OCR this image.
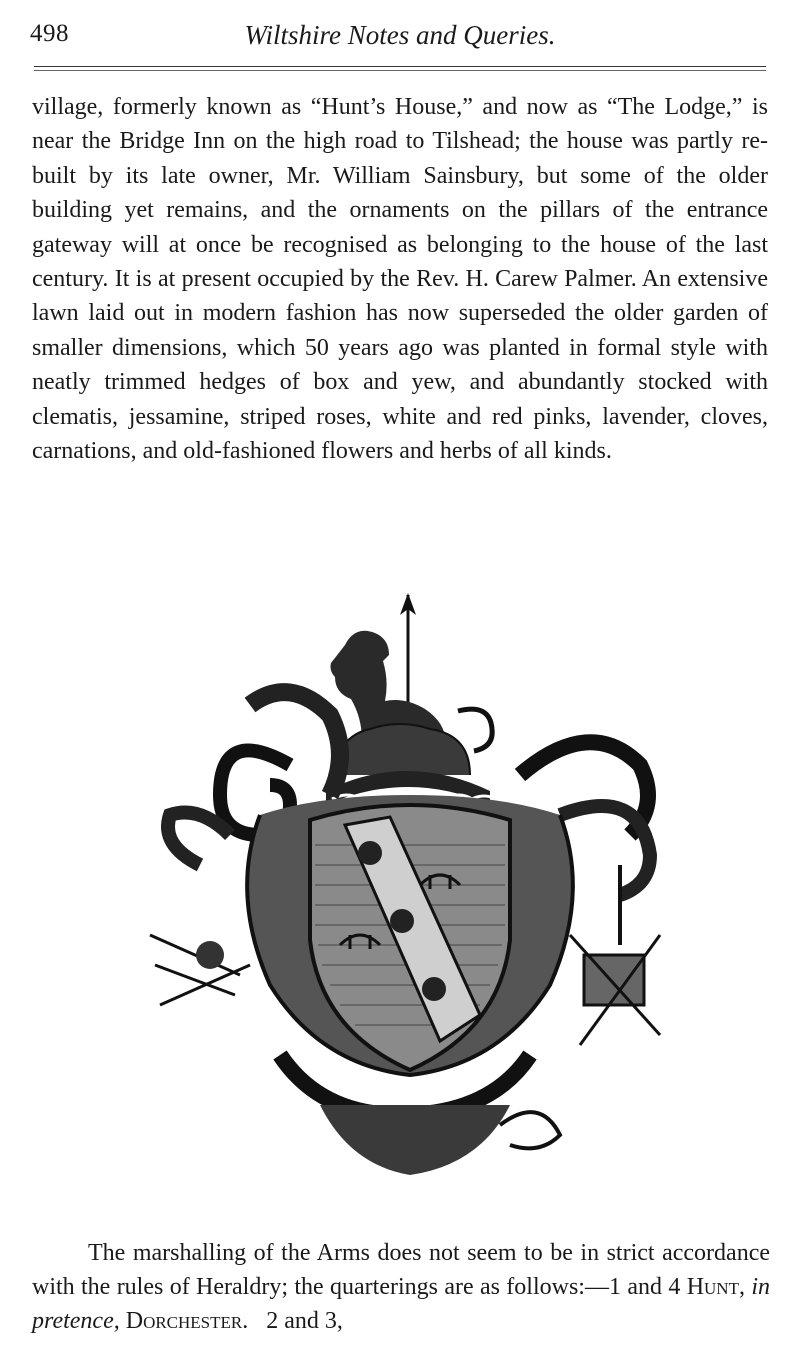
498	Wiltshire Notes and Queries.

village, formerly known as “Hunt’s House,” and now as “The Lodge,” is near the Bridge Inn on the high road to Tilshead; the house was partly re-built by its late owner, Mr. William Sainsbury, but some of the older building yet remains, and the ornaments on the pillars of the entrance gateway will at once be recognised as belonging to the house of the last century. It is at present occupied by the Rev. H. Carew Palmer. An extensive lawn laid out in modern fashion has now superseded the older garden of smaller dimensions, which 50 years ago was planted in formal style with neatly trimmed hedges of box and yew, and abundantly stocked with clematis, jessamine, striped roses, white and red pinks, lavender, cloves, carnations, and old-fashioned flowers and herbs of all kinds.

The marshalling of the Arms does not seem to be in strict accordance with the rules of Heraldry; the quarterings are as follows:—1 and 4 Hunt, in pretence, Dorchester. 2 and 3,
